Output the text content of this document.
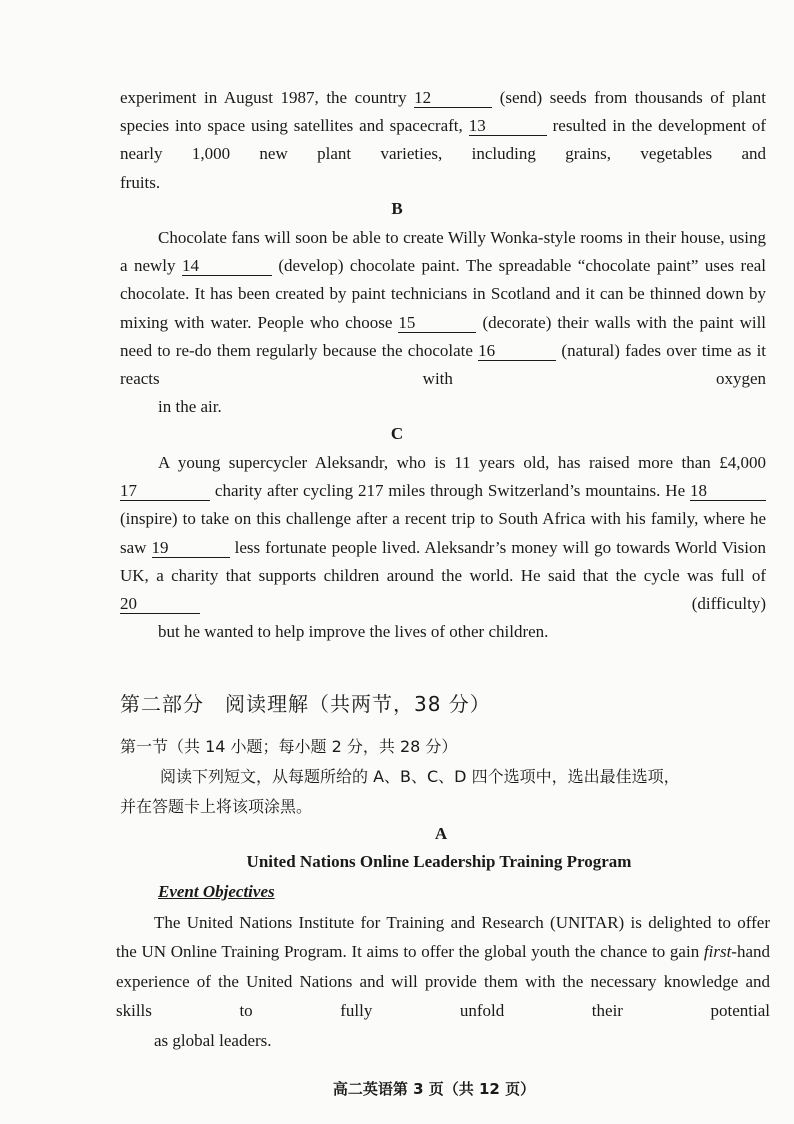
experiment in August 1987, the country 12	(send) seeds from thousands of plant species into space using satellites and spacecraft, 13	resulted in the development of nearly 1,000 new plant varieties, including grains, vegetables and
fruits.

B

Chocolate fans will soon be able to create Willy Wonka-style rooms in their house, using a newly 14	(develop) chocolate paint. The spreadable “chocolate paint” uses real chocolate. It has been created by paint technicians in Scotland and it can be thinned down by mixing with water. People who choose 15	(decorate) their walls with the paint will need to re-do them regularly because the chocolate 16	(natural) fades over time as it reacts with oxygen
in the air.

C

A young supercycler Aleksandr, who is 11 years old, has raised more than £4,000 17	charity after cycling 217 miles through Switzerland’s mountains. He 18 (inspire) to take on this challenge after a recent trip to South Africa with his family, where he saw 19	less fortunate people lived. Aleksandr’s money will go towards World Vision UK, a charity that supports children around the world. He said that the cycle was full of 20	(difficulty)
but he wanted to help improve the lives of other children.

第二部分　阅读理解（共两节，38 分）
第一节（共 14 小题；每小题 2 分，共 28 分）

阅读下列短文，从每题所给的 A、B、C、D 四个选项中，选出最佳选项，
并在答题卡上将该项涂黑。

A
United Nations Online Leadership Training Program
Event Objectives

The United Nations Institute for Training and Research (UNITAR) is delighted to offer the UN Online Training Program. It aims to offer the global youth the chance to gain first-hand experience of the United Nations and will provide them with the necessary knowledge and skills to fully unfold their potential
as global leaders.

高二英语第 3 页（共 12 页）
